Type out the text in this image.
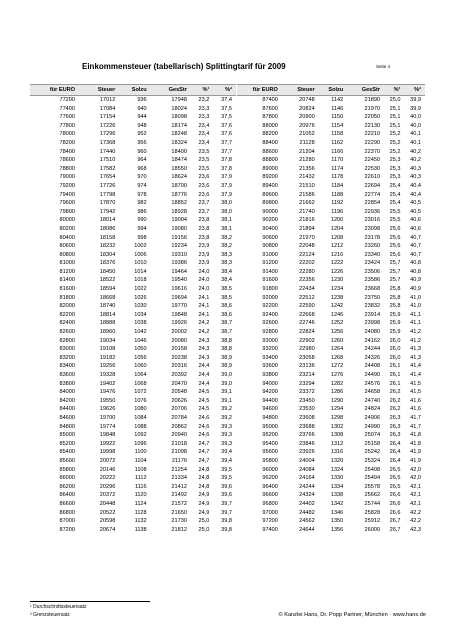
Einkommensteuer (tabellarisch) Splittingtarif für 2009	Seite 4
für EURO	Steuer	Solzu	GesStr	%¹	%²
77200	17012	936	17948	23,2	37,4
77400	17084	940	18024	23,3	37,5
77600	17154	944	18098	23,3	37,5
77800	17226	948	18174	23,4	37,6
78000	17296	952	18248	23,4	37,6
78200	17368	956	18324	23,4	37,7
78400	17440	960	18400	23,5	37,7
78600	17510	964	18474	23,5	37,8
78800	17582	968	18550	23,5	37,8
79000	17654	970	18624	23,6	37,9
79200	17726	974	18700	23,6	37,9
79400	17798	978	18776	23,6	37,9
79600	17870	982	18852	23,7	38,0
79800	17942	986	18928	23,7	38,0
80000	18014	990	19004	23,8	38,1
80200	18086	994	19080	23,8	38,1
80400	18158	998	19156	23,8	38,2
80600	18232	1002	19234	23,9	38,2
80800	18304	1006	19310	23,9	38,3
81000	18376	1010	19386	23,9	38,3
81200	18450	1014	19464	24,0	38,4
81400	18522	1018	19540	24,0	38,4
81600	18594	1022	19616	24,0	38,5
81800	18668	1026	19694	24,1	38,5
82000	18740	1030	19770	24,1	38,6
82200	18814	1034	19848	24,1	38,6
82400	18888	1038	19926	24,2	38,7
82600	18960	1042	20002	24,2	38,7
82800	19034	1046	20080	24,3	38,8
83000	19108	1050	20158	24,3	38,8
83200	19182	1056	20238	24,3	38,9
83400	19256	1060	20316	24,4	38,9
83600	19328	1064	20392	24,4	39,0
83800	19402	1068	20470	24,4	39,0
84000	19476	1072	20548	24,5	39,1
84200	19550	1076	20626	24,5	39,1
84400	19626	1080	20706	24,5	39,2
84600	19700	1084	20784	24,6	39,2
84800	19774	1088	20862	24,6	39,3
85000	19848	1092	20940	24,6	39,3
85200	19922	1096	21018	24,7	39,3
85400	19998	1100	21098	24,7	39,4
85600	20072	1104	21176	24,7	39,4
85800	20146	1108	21254	24,8	39,5
86000	20222	1112	21334	24,8	39,5
86200	20296	1116	21412	24,8	39,6
86400	20372	1120	21492	24,9	39,6
86600	20448	1124	21572	24,9	39,7
86800	20522	1128	21650	24,9	39,7
87000	20598	1132	21730	25,0	39,8
87200	20674	1138	21812	25,0	39,8
für EURO	Steuer	Solzu	GesStr	%¹	%²
87400	20748	1142	21890	25,0	39,9
87600	20824	1146	21970	25,1	39,9
87800	20900	1150	22050	25,1	40,0
88000	20976	1154	22130	25,1	40,0
88200	21052	1158	22210	25,2	40,1
88400	21128	1162	22290	25,2	40,1
88600	21204	1166	22370	25,2	40,2
88800	21280	1170	22450	25,3	40,2
89000	21356	1174	22530	25,3	40,3
89200	21432	1178	22610	25,3	40,3
89400	21510	1184	22694	25,4	40,4
89600	21586	1188	22774	25,4	40,4
89800	21662	1192	22854	25,4	40,5
90000	21740	1196	22936	25,5	40,5
90200	21816	1200	23016	25,5	40,6
90400	21894	1204	23098	25,6	40,6
90600	21970	1208	23178	25,6	40,7
90800	22048	1212	23260	25,6	40,7
91000	22124	1216	23340	25,6	40,7
91200	22202	1222	23424	25,7	40,8
91400	22280	1226	23506	25,7	40,8
91600	22356	1230	23586	25,7	40,9
91800	22434	1234	23668	25,8	40,9
92000	22512	1238	23750	25,8	41,0
92200	22590	1242	23832	25,8	41,0
92400	22668	1246	23914	25,9	41,1
92600	22746	1252	23998	25,9	41,1
92800	22824	1256	24080	25,9	41,2
93000	22902	1260	24162	26,0	41,2
93200	22980	1264	24244	26,0	41,3
93400	23058	1268	24326	26,0	41,3
93600	23136	1272	24408	26,1	41,4
93800	23214	1276	24490	26,1	41,4
94000	23294	1282	24576	26,1	41,5
94200	23372	1286	24658	26,2	41,5
94400	23450	1290	24740	26,2	41,6
94600	23530	1294	24824	26,2	41,6
94800	23608	1298	24906	26,3	41,7
95000	23688	1302	24990	26,3	41,7
95200	23766	1308	25074	26,3	41,8
95400	23846	1312	25158	26,4	41,8
95600	23926	1316	25242	26,4	41,9
95800	24004	1320	25324	26,4	41,9
96000	24084	1324	25408	26,5	42,0
96200	24164	1330	25494	26,5	42,0
96400	24244	1334	25578	26,5	42,1
96600	24324	1338	25662	26,6	42,1
96800	24402	1342	25744	26,6	42,1
97000	24482	1346	25828	26,6	42,2
97200	24562	1350	25912	26,7	42,2
97400	24644	1356	26000	26,7	42,3
¹ Durchschnittssteuersatz
² Grenzsteuersatz	© Kanzlei Hans, Dr. Popp Partner, München · www.hans.de
